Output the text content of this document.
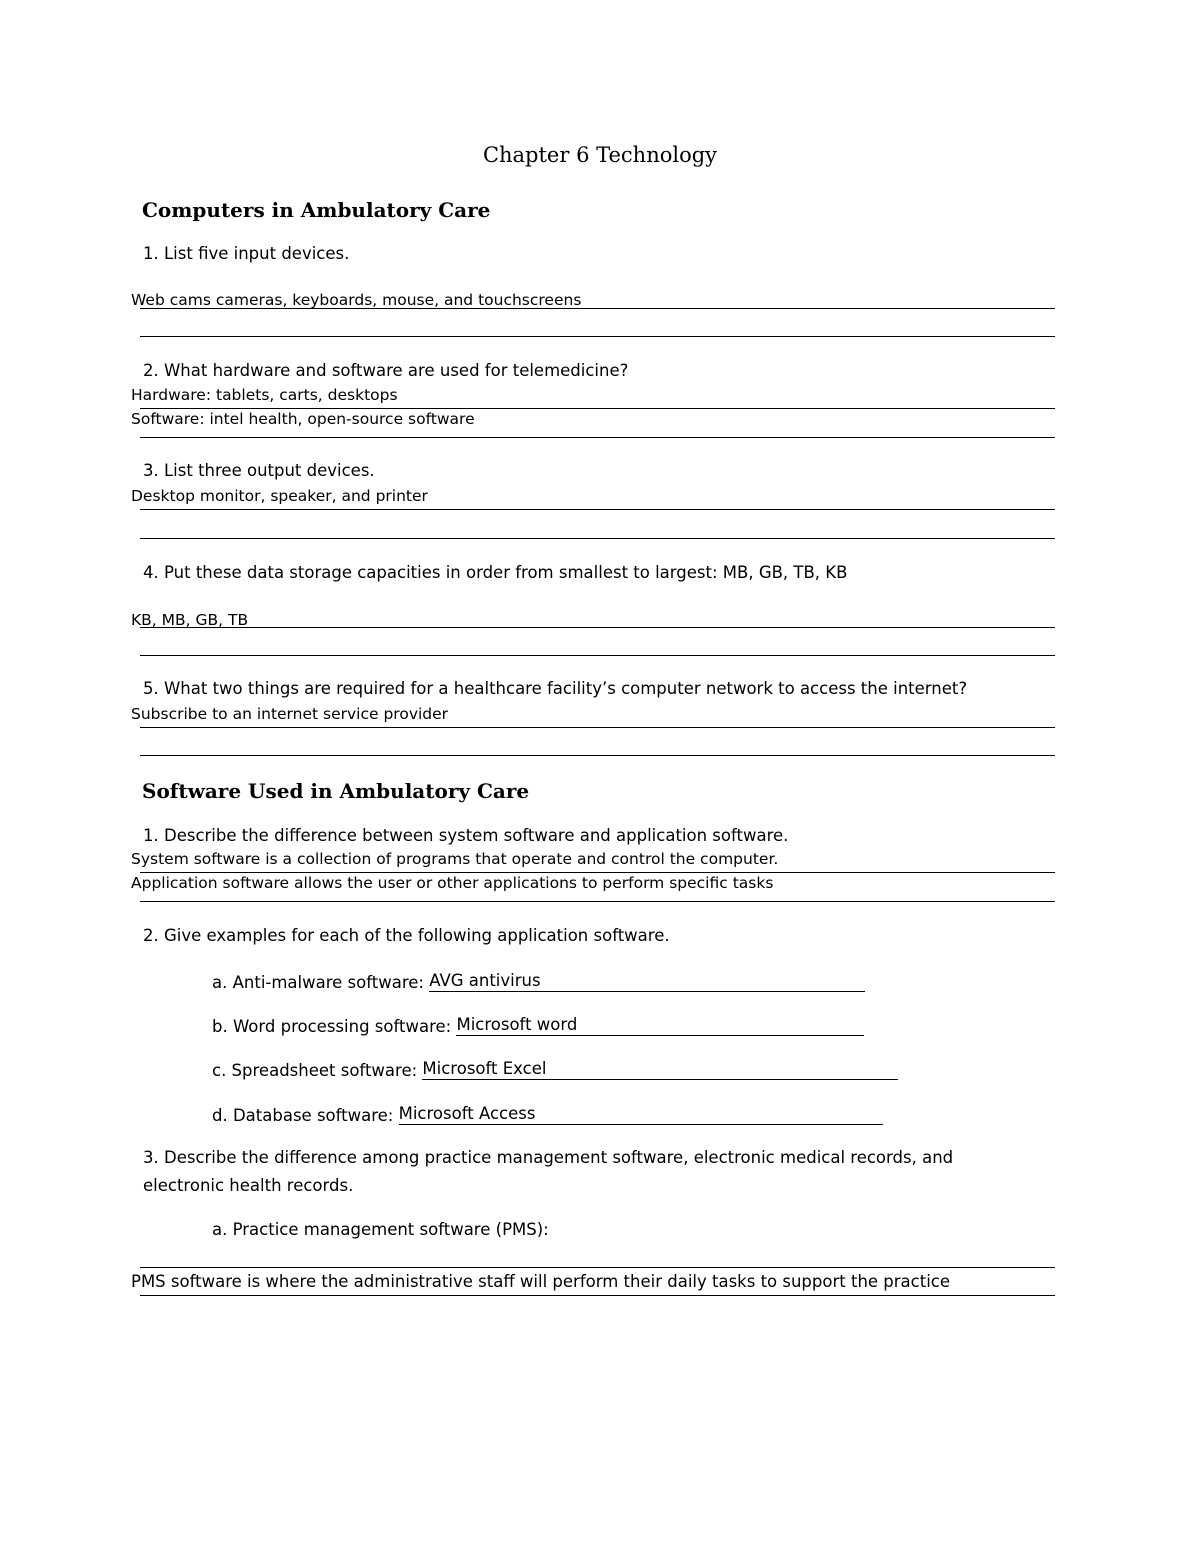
Chapter 6 Technology
Computers in Ambulatory Care
1. List five input devices.
Web cams cameras, keyboards, mouse, and touchscreens
2. What hardware and software are used for telemedicine?
Hardware: tablets, carts, desktops
Software: intel health, open-source software
3. List three output devices.
Desktop monitor, speaker, and printer
4. Put these data storage capacities in order from smallest to largest: MB, GB, TB, KB
KB, MB, GB, TB
5. What two things are required for a healthcare facility’s computer network to access the internet?
Subscribe to an internet service provider
Software Used in Ambulatory Care
1. Describe the difference between system software and application software.
System software is a collection of programs that operate and control the computer.
Application software allows the user or other applications to perform specific tasks
2. Give examples for each of the following application software.
a. Anti-malware software: AVG antivirus
b. Word processing software: Microsoft word
c. Spreadsheet software: Microsoft Excel
d. Database software: Microsoft Access
3. Describe the difference among practice management software, electronic medical records, and
electronic health records.
a. Practice management software (PMS):
PMS software is where the administrative staff will perform their daily tasks to support the practice
